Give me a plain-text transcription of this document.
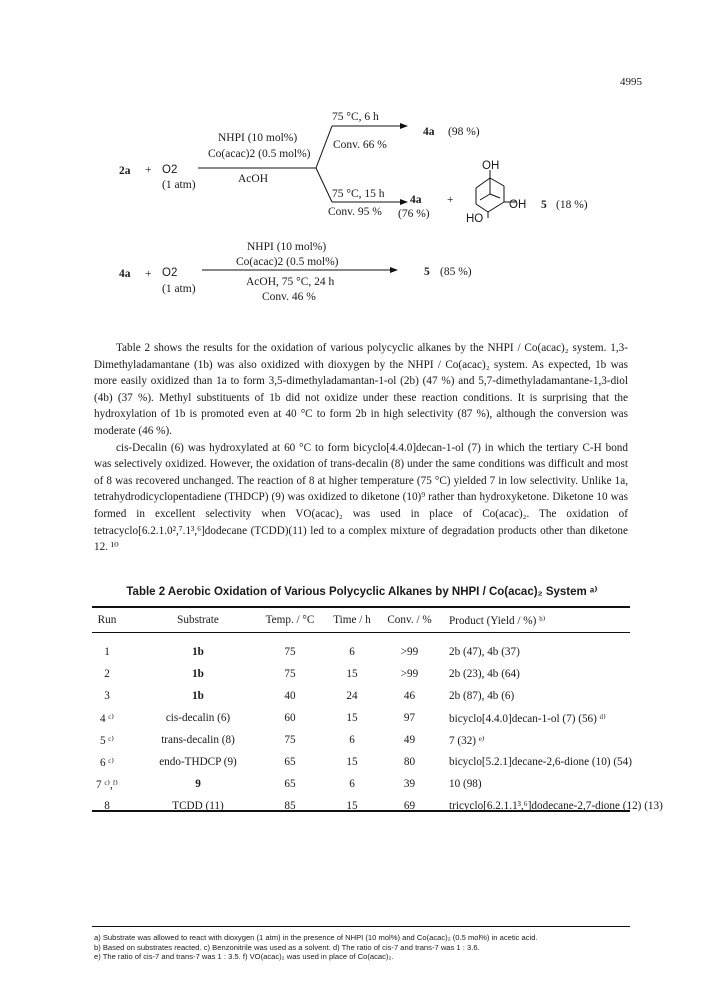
4995
2a + O2
(1 atm)
NHPI (10 mol%)
Co(acac)2 (0.5 mol%)
AcOH
75 °C, 6 h
Conv. 66 %
4a (98 %)
75 °C, 15 h
Conv. 95 %
4a
(76 %)
+
OH
OH
HO
5 (18 %)
4a + O2
(1 atm)
NHPI (10 mol%)
Co(acac)2 (0.5 mol%)
AcOH, 75 °C, 24 h
Conv. 46 %
5 (85 %)

Table 2 shows the results for the oxidation of various polycyclic alkanes by the NHPI / Co(acac)₂ system. 1,3-Dimethyladamantane (1b) was also oxidized with dioxygen by the NHPI / Co(acac)₂ system. As expected, 1b was more easily oxidized than 1a to form 3,5-dimethyladamantan-1-ol (2b) (47 %) and 5,7-dimethyladamantane-1,3-diol (4b) (37 %). Methyl substituents of 1b did not oxidize under these reaction conditions. It is surprising that the hydroxylation of 1b is promoted even at 40 °C to form 2b in high selectivity (87 %), although the conversion was moderate (46 %).

cis-Decalin (6) was hydroxylated at 60 °C to form bicyclo[4.4.0]decan-1-ol (7) in which the tertiary C-H bond was selectively oxidized. However, the oxidation of trans-decalin (8) under the same conditions was difficult and most of 8 was recovered unchanged. The reaction of 8 at higher temperature (75 °C) yielded 7 in low selectivity. Unlike 1a, tetrahydrodicyclopentadiene (THDCP) (9) was oxidized to diketone (10)⁹ rather than hydroxyketone. Diketone 10 was formed in excellent selectivity when VO(acac)₂ was used in place of Co(acac)₂. The oxidation of tetracyclo[6.2.1.0²,⁷.1³,⁶]dodecane (TCDD)(11) led to a complex mixture of degradation products other than diketone 12. ¹⁰

Table 2 Aerobic Oxidation of Various Polycyclic Alkanes by NHPI / Co(acac)₂ System ᵃ⁾
Run	Substrate	Temp. / °C	Time / h	Conv. / %	Product (Yield / %) ᵇ⁾
1	1b	75	6	>99	2b (47), 4b (37)
2	1b	75	15	>99	2b (23), 4b (64)
3	1b	40	24	46	2b (87), 4b (6)
4 ᶜ⁾	cis-decalin (6)	60	15	97	bicyclo[4.4.0]decan-1-ol (7) (56) ᵈ⁾
5 ᶜ⁾	trans-decalin (8)	75	6	49	7 (32) ᵉ⁾
6 ᶜ⁾	endo-THDCP (9)	65	15	80	bicyclo[5.2.1]decane-2,6-dione (10) (54)
7 ᶜ⁾,ᶠ⁾	9	65	6	39	10 (98)
8	TCDD (11)	85	15	69	tricyclo[6.2.1.1³,⁶]dodecane-2,7-dione (12) (13)
a) Substrate was allowed to react with dioxygen (1 atm) in the presence of NHPI (10 mol%) and Co(acac)₂ (0.5 mol%) in acetic acid.
b) Based on substrates reacted. c) Benzonitrile was used as a solvent. d) The ratio of cis-7 and trans-7 was 1 : 3.6.
e) The ratio of cis-7 and trans-7 was 1 : 3.5. f) VO(acac)₂ was used in place of Co(acac)₂.
